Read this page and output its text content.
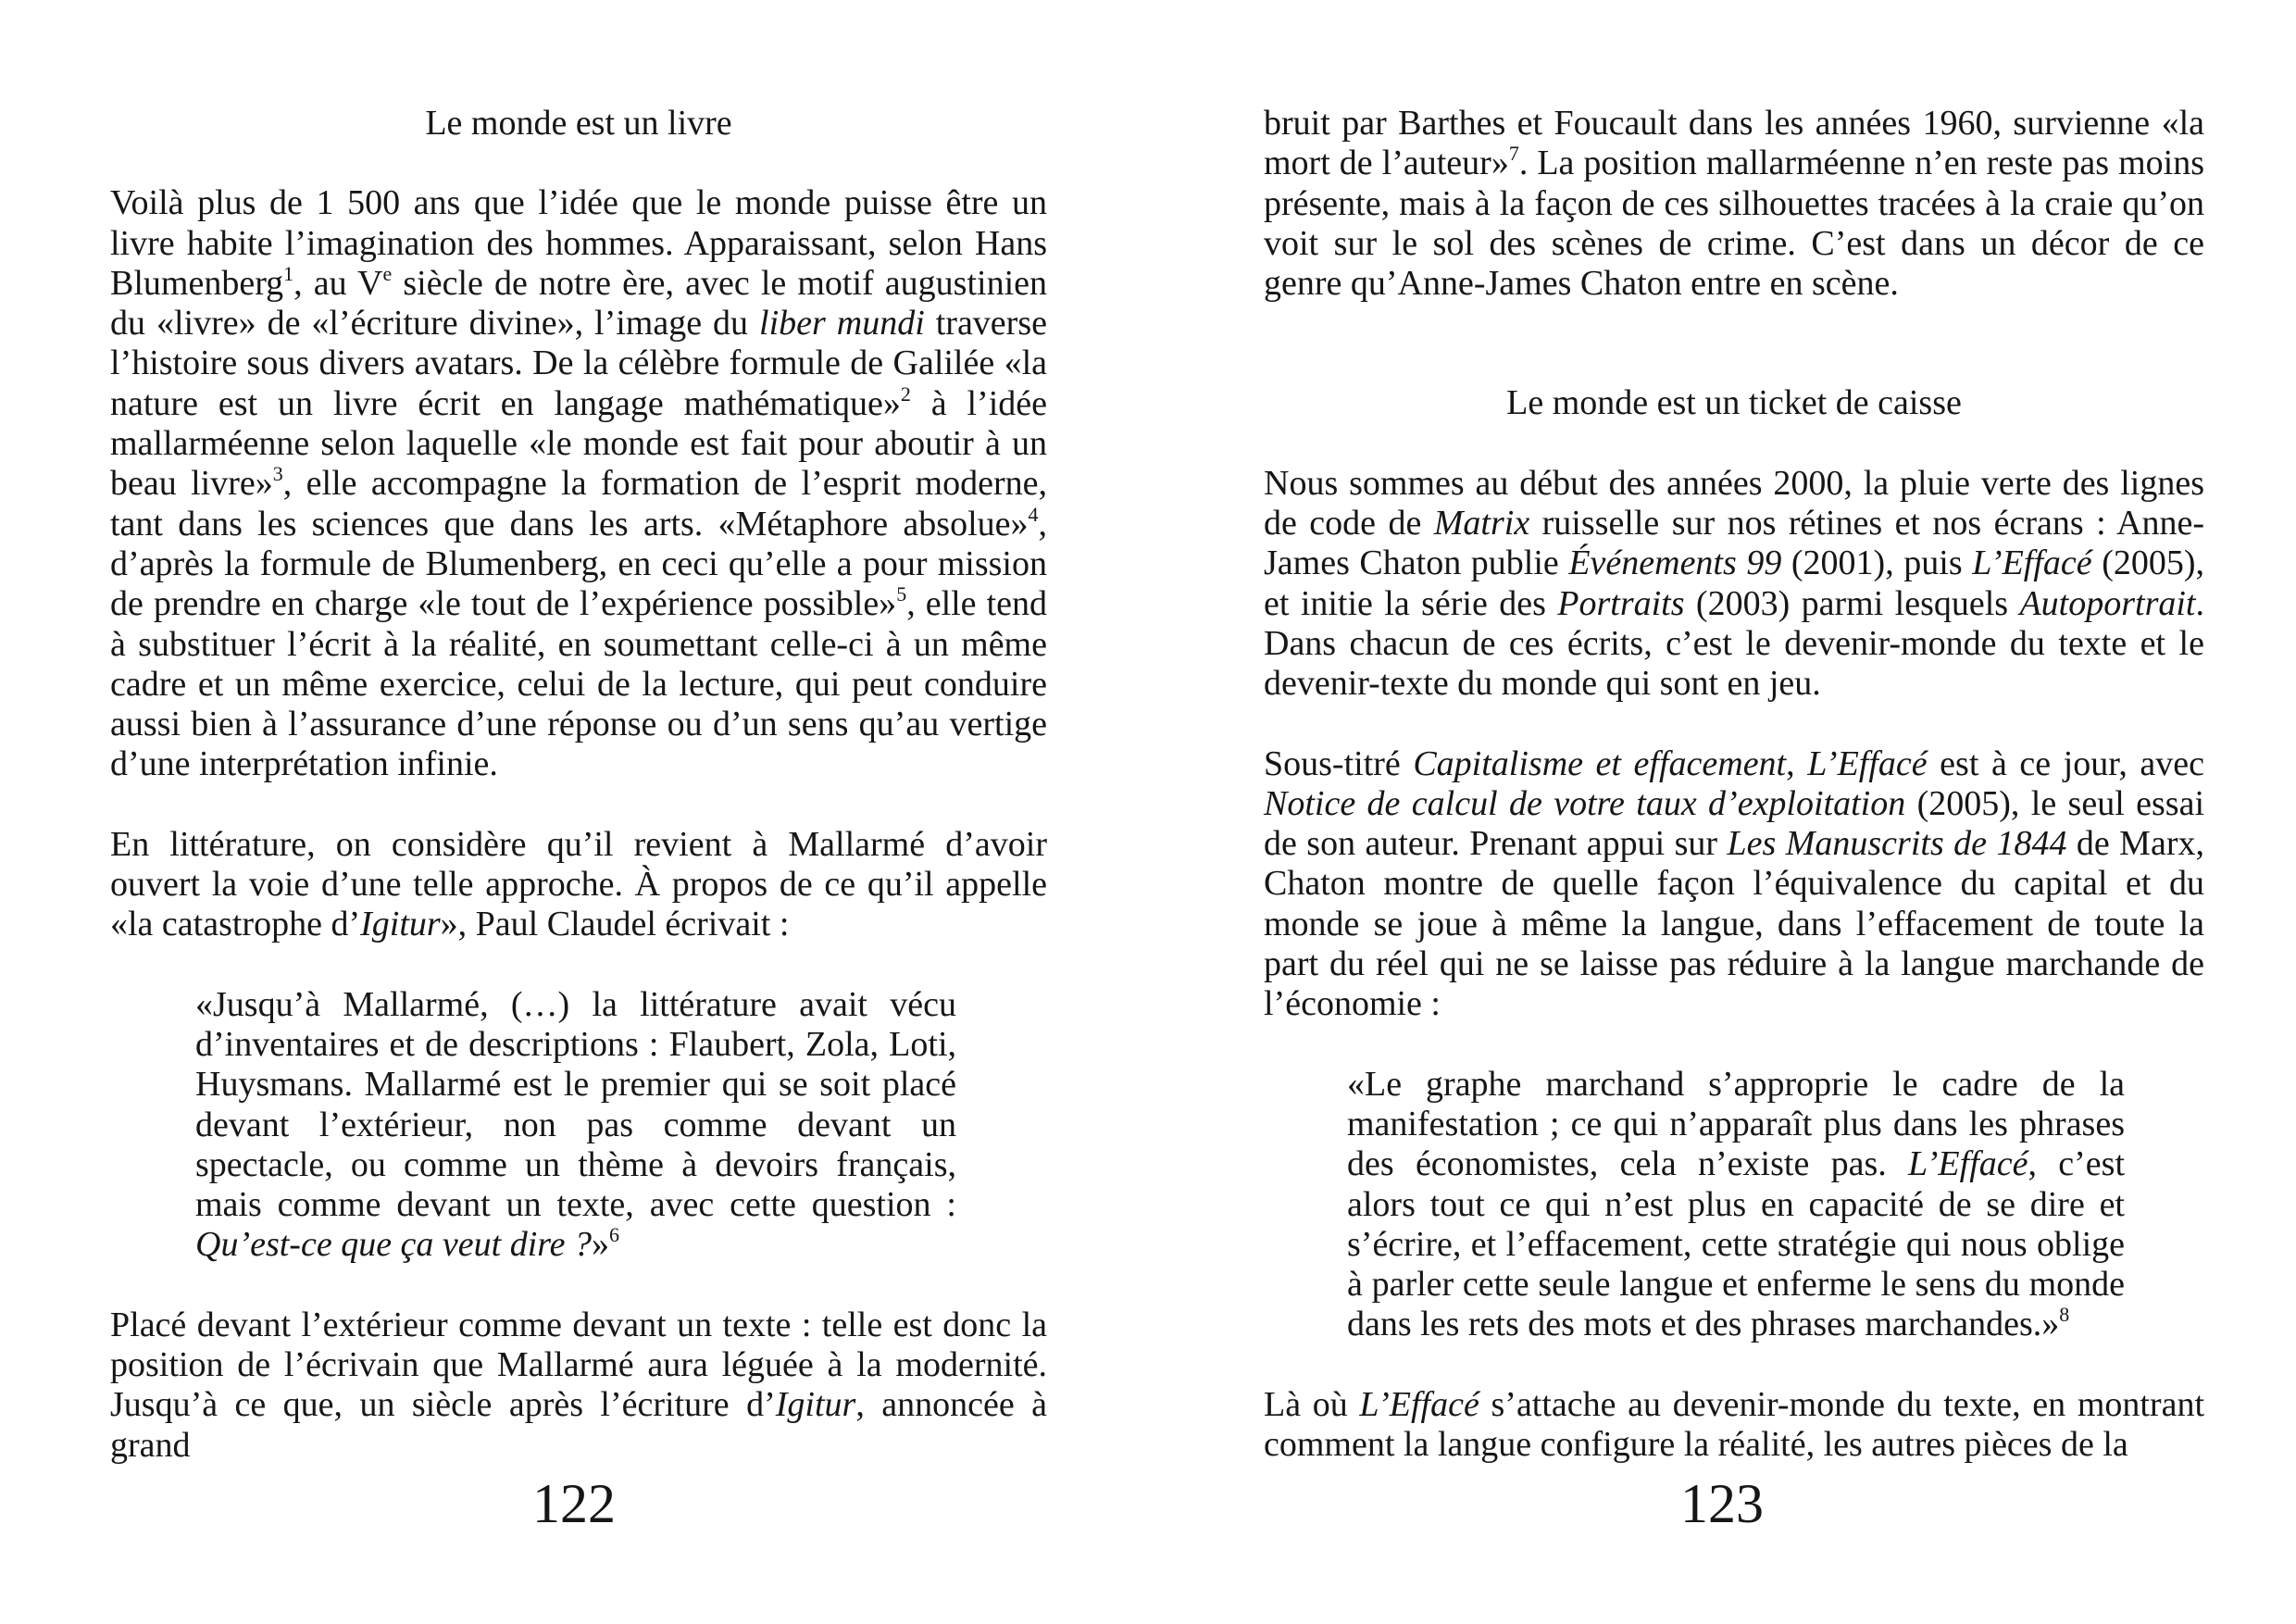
Le monde est un livre

Voilà plus de 1 500 ans que l’idée que le monde puisse être un livre habite l’imagination des hommes. Apparaissant, selon Hans Blumenberg$^1$, au Ve siècle de notre ère, avec le motif augustinien du «livre» de «l’écriture divine», l’image du liber mundi traverse l’histoire sous divers avatars. De la célèbre formule de Galilée «la nature est un livre écrit en langage mathématique»$^2$ à l’idée mallarméenne selon laquelle «le monde est fait pour aboutir à un beau livre»$^3$, elle accompagne la formation de l’esprit moderne, tant dans les sciences que dans les arts. «Métaphore absolue»$^4$, d’après la formule de Blumenberg, en ceci qu’elle a pour mission de prendre en charge «le tout de l’expérience possible»$^5$, elle tend à substituer l’écrit à la réalité, en soumettant celle-ci à un même cadre et un même exercice, celui de la lecture, qui peut conduire aussi bien à l’assurance d’une réponse ou d’un sens qu’au vertige d’une interprétation infinie.

En littérature, on considère qu’il revient à Mallarmé d’avoir ouvert la voie d’une telle approche. À propos de ce qu’il appelle «la catastrophe d’Igitur», Paul Claudel écrivait :

«Jusqu’à Mallarmé, (…) la littérature avait vécu d’inventaires et de descriptions : Flaubert, Zola, Loti, Huysmans. Mallarmé est le premier qui se soit placé devant l’extérieur, non pas comme devant un spectacle, ou comme un thème à devoirs français, mais comme devant un texte, avec cette question : Qu’est-ce que ça veut dire ?»$^6$

Placé devant l’extérieur comme devant un texte : telle est donc la position de l’écrivain que Mallarmé aura léguée à la modernité. Jusqu’à ce que, un siècle après l’écriture d’Igitur, annoncée à grand

122

bruit par Barthes et Foucault dans les années 1960, survienne «la mort de l’auteur»$^7$. La position mallarméenne n’en reste pas moins présente, mais à la façon de ces silhouettes tracées à la craie qu’on voit sur le sol des scènes de crime. C’est dans un décor de ce genre qu’Anne-James Chaton entre en scène.

Le monde est un ticket de caisse

Nous sommes au début des années 2000, la pluie verte des lignes de code de Matrix ruisselle sur nos rétines et nos écrans : Anne-James Chaton publie Événements 99 (2001), puis L’Effacé (2005), et initie la série des Portraits (2003) parmi lesquels Autoportrait. Dans chacun de ces écrits, c’est le devenir-monde du texte et le devenir-texte du monde qui sont en jeu.

Sous-titré Capitalisme et effacement, L’Effacé est à ce jour, avec Notice de calcul de votre taux d’exploitation (2005), le seul essai de son auteur. Prenant appui sur Les Manuscrits de 1844 de Marx, Chaton montre de quelle façon l’équivalence du capital et du monde se joue à même la langue, dans l’effacement de toute la part du réel qui ne se laisse pas réduire à la langue marchande de l’économie :

«Le graphe marchand s’approprie le cadre de la manifestation ; ce qui n’apparaît plus dans les phrases des économistes, cela n’existe pas. L’Effacé, c’est alors tout ce qui n’est plus en capacité de se dire et s’écrire, et l’effacement, cette stratégie qui nous oblige à parler cette seule langue et enferme le sens du monde dans les rets des mots et des phrases marchandes.»$^8$

Là où L’Effacé s’attache au devenir-monde du texte, en montrant comment la langue configure la réalité, les autres pièces de la

123
